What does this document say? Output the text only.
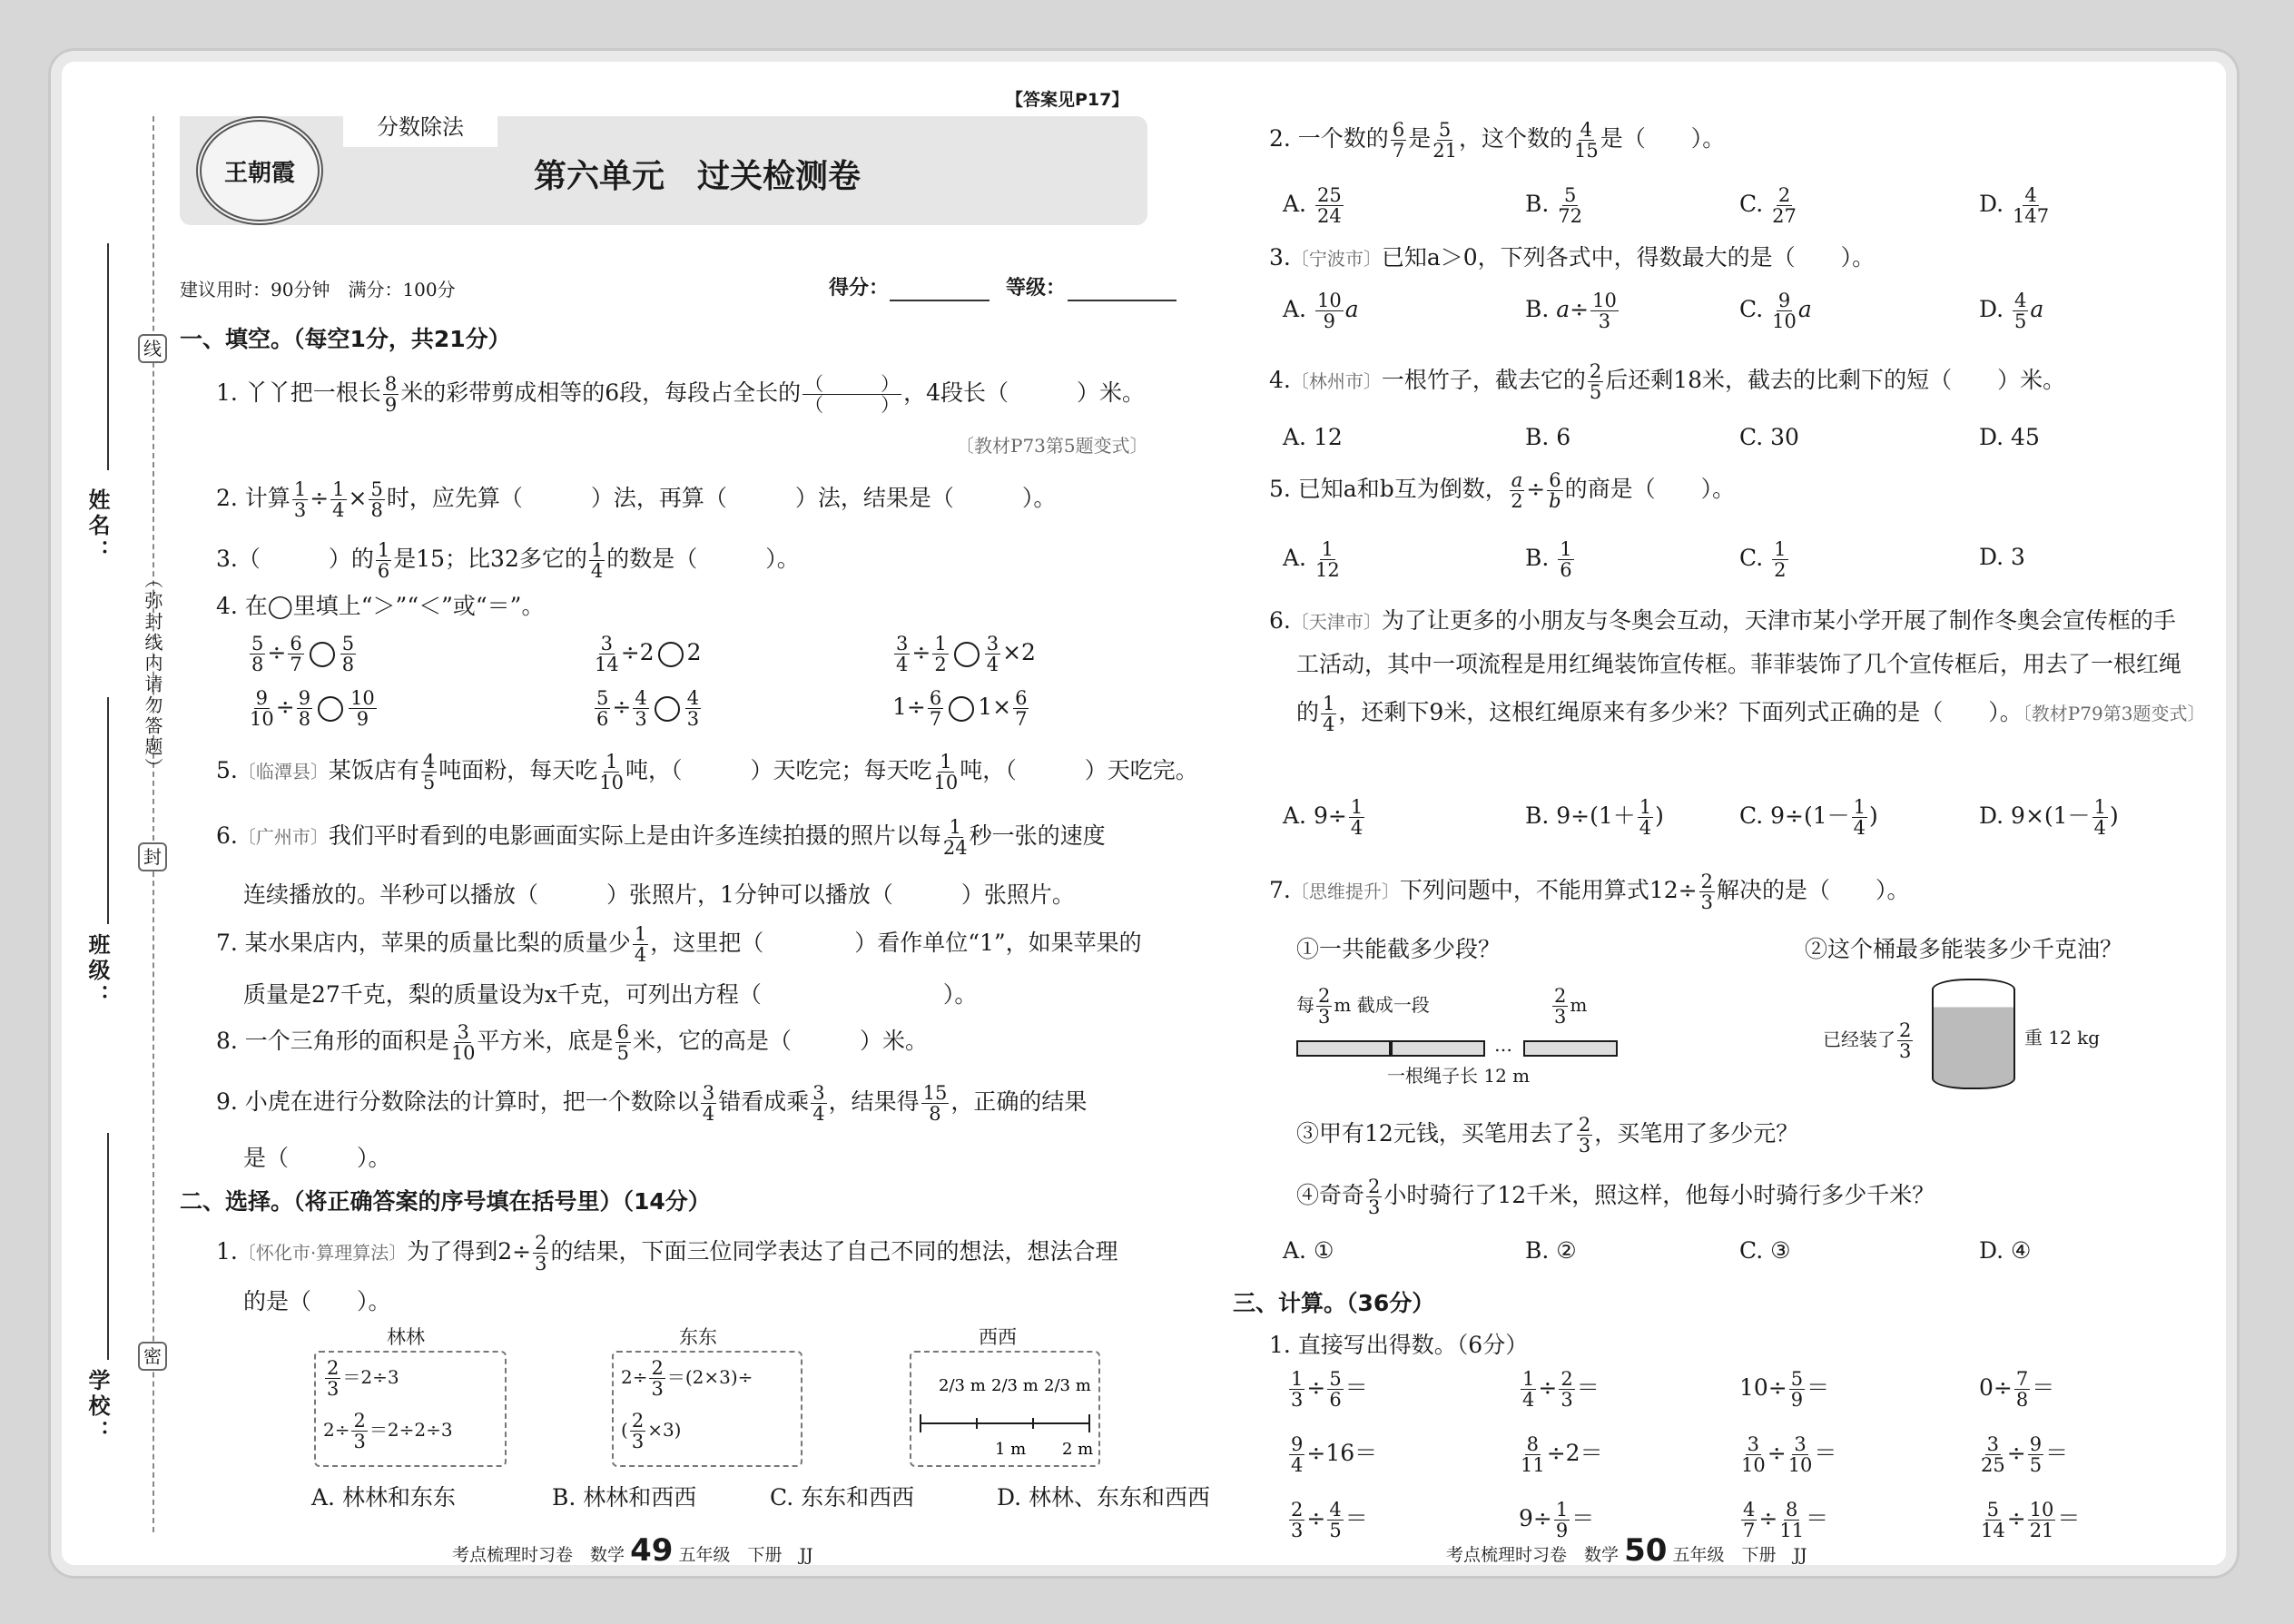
线
封
密
（弥封线内请勿答题）
姓名：
班级：
学校：
分数除法
王朝霞	第六单元　过关检测卷
【答案见P17】
建议用时：90分钟　满分：100分	得分：	等级：
一、填空。（每空1分，共21分）
1. 丫丫把一根长 $\frac{8}{9}$ 米的彩带剪成相等的6段，每段占全长的 （　　　）
（　　　） ，4段长（　　　）米。
〔教材P73第5题变式〕
2. 计算 $\frac{1}{3} \div \frac{1}{4} \times \frac{5}{8}$ 时，应先算（　　　）法，再算（　　　）法，结果是（　　　）。
3.（　　　）的 $\frac{1}{6}$ 是15；比32多它的 $\frac{1}{4}$ 的数是（　　　）。
4. 在◯里填上“＞”“＜”或“＝”。
$\frac{5}{8} \div \frac{6}{7} \frac{5}{8}$	$\frac{3}{14} \div 2$ 2	$\frac{3}{4} \div \frac{1}{2} \frac{3}{4} \times 2$
$\frac{9}{10} \div \frac{9}{8} \frac{10}{9}$	$\frac{5}{6} \div \frac{4}{3} \frac{4}{3}$	$1\div \frac{6}{7} 1\times \frac{6}{7}$
5.〔临潭县〕某饭店有 $\frac{4}{5}$ 吨面粉，每天吃 $\frac{1}{10}$ 吨，（　　　）天吃完；每天吃 $\frac{1}{10}$ 吨，（　　　）天吃完。
6.〔广州市〕我们平时看到的电影画面实际上是由许多连续拍摄的照片以每 $\frac{1}{24}$ 秒一张的速度
连续播放的。半秒可以播放（　　　）张照片，1分钟可以播放（　　　）张照片。
7. 某水果店内，苹果的质量比梨的质量少 $\frac{1}{4}$ ，这里把（　　　　）看作单位“1”，如果苹果的
质量是27千克，梨的质量设为x千克，可列出方程（　　　　　　　　）。
8. 一个三角形的面积是 $\frac{3}{10}$ 平方米，底是 $\frac{6}{5}$ 米，它的高是（　　　）米。
9. 小虎在进行分数除法的计算时，把一个数除以 $\frac{3}{4}$ 错看成乘 $\frac{3}{4}$ ，结果得 $\frac{15}{8}$ ，正确的结果
是（　　　）。
二、选择。（将正确答案的序号填在括号里）（14分）
1.〔怀化市·算理算法〕为了得到$2\div \frac{2}{3}$ 的结果，下面三位同学表达了自己不同的想法，想法合理
的是（　　）。
林林
$\frac{2}{3} =2\div 3$
$2\div \frac{2}{3} =2\div 2\div 3$
东东
$2\div \frac{2}{3} =(2\times 3)\div$
( $\frac{2}{3} \times 3$)
西西
2/3 m 2/3 m 2/3 m
1 m 2 m
A. 林林和东东	B. 林林和西西	C. 东东和西西	D. 林林、东东和西西
考点梳理时习卷　数学 49 五年级　下册　JJ
2. 一个数的 $\frac{6}{7}$ 是 $\frac{5}{21}$ ，这个数的 $\frac{4}{15}$ 是（　　）。
A. $\frac{25}{24}$	B. $\frac{5}{72}$	C. $\frac{2}{27}$	D. $\frac{4}{147}$
3.〔宁波市〕已知a＞0，下列各式中，得数最大的是（　　）。
A. $\frac{10}{9}$ a	B. $a\div \frac{10}{3}$	C. $\frac{9}{10}$ a	D. $\frac{4}{5}$ a
4.〔林州市〕一根竹子，截去它的 $\frac{2}{5}$ 后还剩18米，截去的比剩下的短（　　）米。
A. 12	B. 6	C. 30	D. 45
5. 已知a和b互为倒数， $\frac{a}{2} \div \frac{6}{b}$ 的商是（　　）。
A. $\frac{1}{12}$	B. $\frac{1}{6}$	C. $\frac{1}{2}$	D. 3
6.〔天津市〕为了让更多的小朋友与冬奥会互动，天津市某小学开展了制作冬奥会宣传框的手
工活动，其中一项流程是用红绳装饰宣传框。菲菲装饰了几个宣传框后，用去了一根红绳
的 $\frac{1}{4}$ ，还剩下9米，这根红绳原来有多少米？下面列式正确的是（　　）。〔教材P79第3题变式〕
A. $9\div \frac{1}{4}$	B. $9\div(1+ \frac{1}{4}$ )	C. $9\div(1- \frac{1}{4}$ )	D. $9\times(1- \frac{1}{4}$ )
7.〔思维提升〕下列问题中，不能用算式$12\div \frac{2}{3}$ 解决的是（　　）。
①一共能截多少段？	②这个桶最多能装多少千克油？
每 $\frac{2}{3}$ m 截成一段	$\frac{2}{3}$ m
…
一根绳子长 12 m
已经装了 $\frac{2}{3}$	重 12 kg
③甲有12元钱，买笔用去了 $\frac{2}{3}$ ，买笔用了多少元？
④奇奇 $\frac{2}{3}$ 小时骑行了12千米，照这样，他每小时骑行多少千米？
A. ①	B. ②	C. ③	D. ④
三、计算。（36分）
1. 直接写出得数。（6分）
$\frac{1}{3} \div \frac{5}{6}$ ＝	$\frac{1}{4} \div \frac{2}{3}$ ＝	$10\div \frac{5}{9}$ ＝	$0\div \frac{7}{8}$ ＝
$\frac{9}{4} \div 16=$	$\frac{8}{11} \div 2=$	$\frac{3}{10} \div \frac{3}{10}$ ＝	$\frac{3}{25} \div \frac{9}{5}$ ＝
$\frac{2}{3} \div \frac{4}{5}$ ＝	$9\div \frac{1}{9}$ ＝	$\frac{4}{7} \div \frac{8}{11}$ ＝	$\frac{5}{14} \div \frac{10}{21}$ ＝
考点梳理时习卷　数学 50 五年级　下册　JJ
